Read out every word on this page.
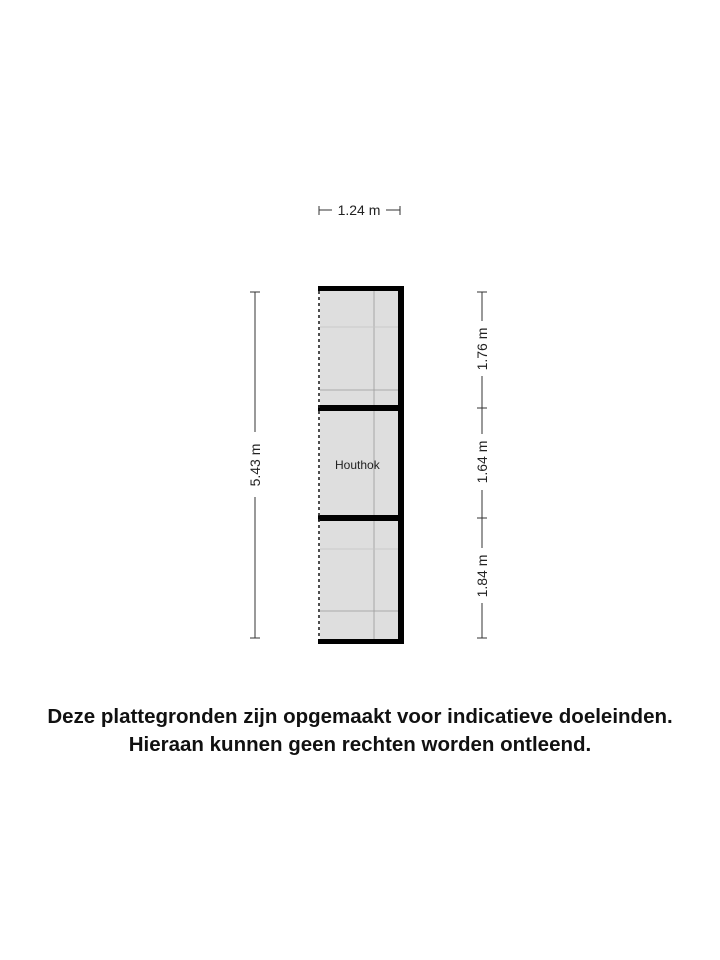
Houthok
1.24 m
5.43 m
1.76 m
1.64 m
1.84 m
Deze plattegronden zijn opgemaakt voor indicatieve doeleinden.
Hieraan kunnen geen rechten worden ontleend.
